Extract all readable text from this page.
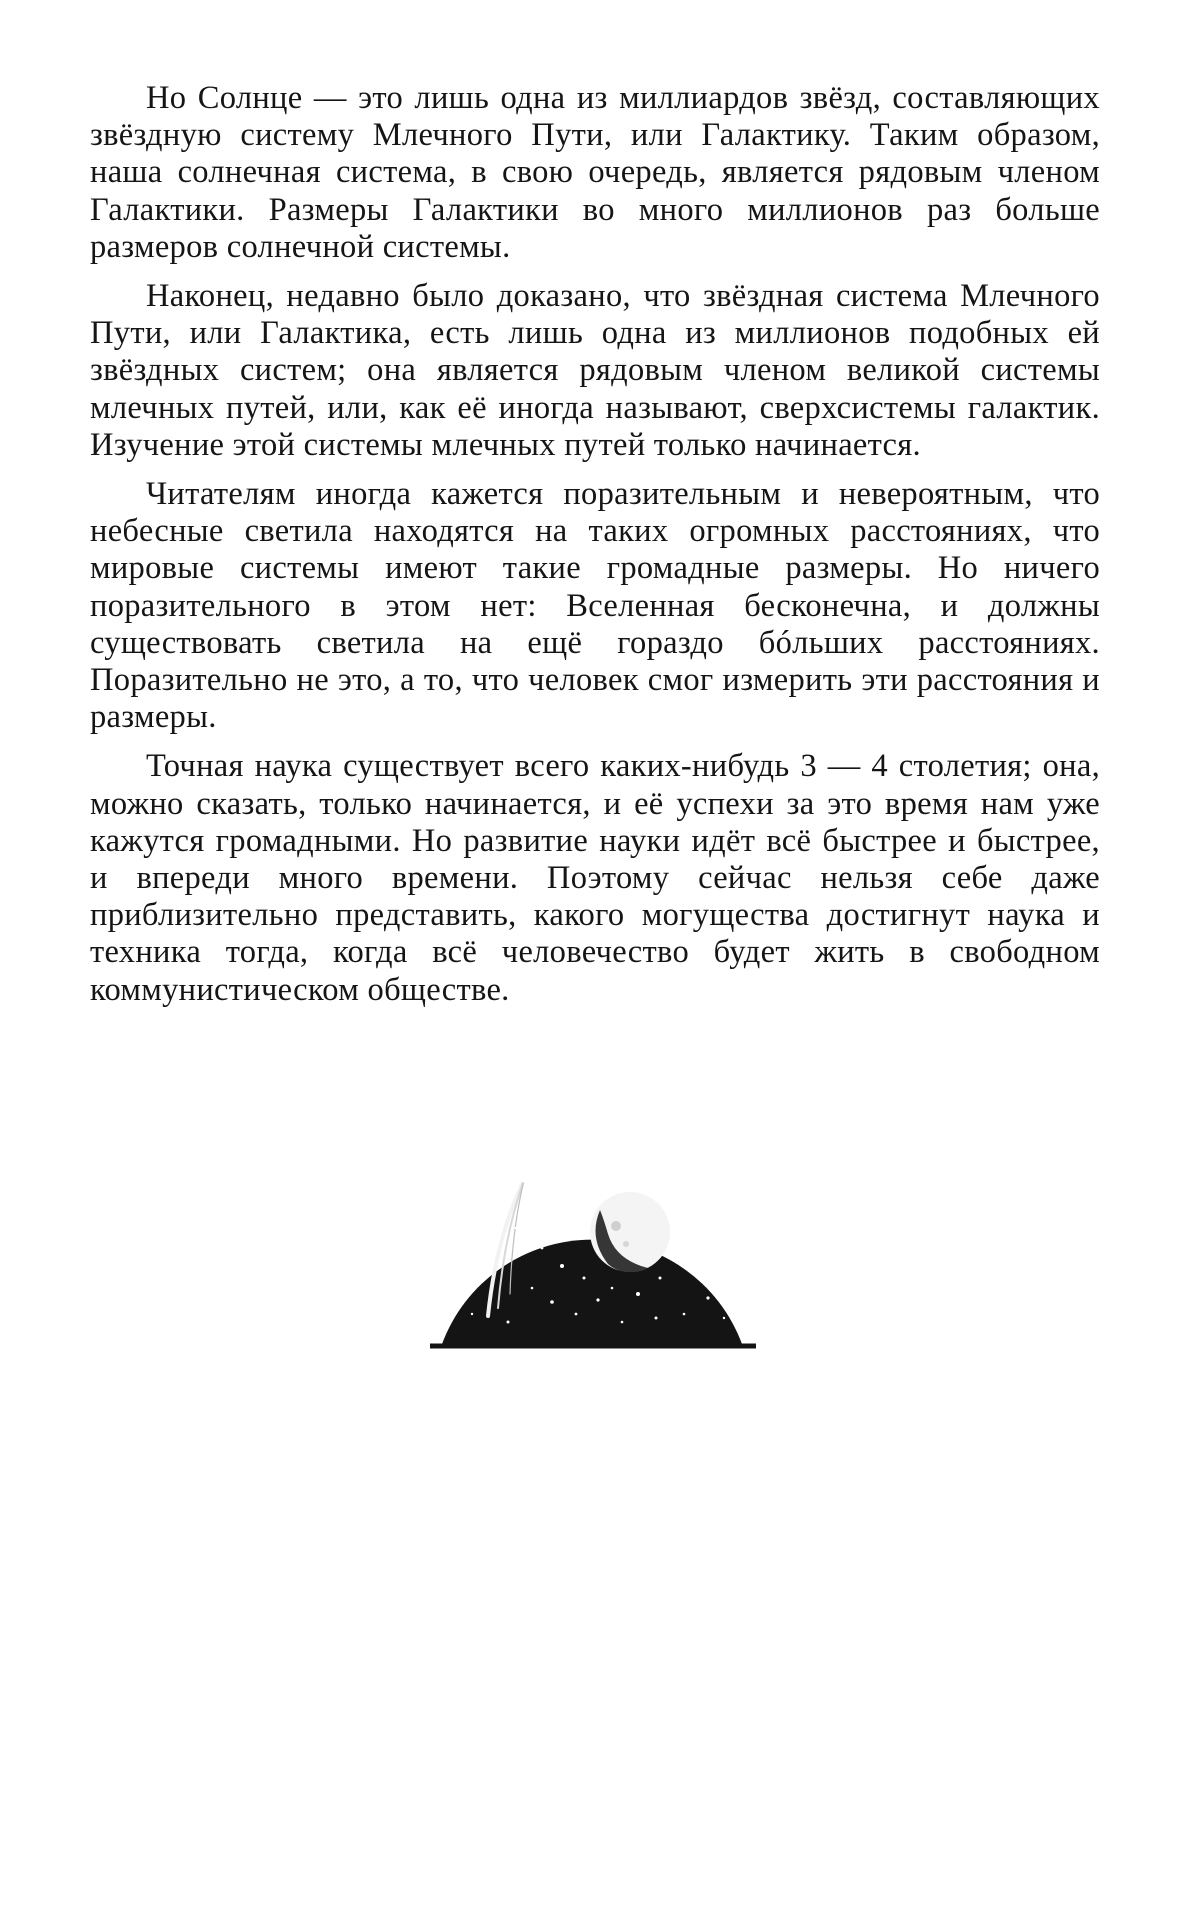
Но Солнце — это лишь одна из миллиардов звёзд, составляющих звёздную систему Млечного Пути, или Галактику. Таким образом, наша солнечная система, в свою очередь, является рядовым членом Галактики. Размеры Галактики во много миллионов раз больше размеров солнечной системы.

Наконец, недавно было доказано, что звёздная система Млечного Пути, или Галактика, есть лишь одна из миллионов подобных ей звёздных систем; она является рядовым членом великой системы млечных путей, или, как её иногда называют, сверхсистемы галактик. Изучение этой системы млечных путей только начинается.

Читателям иногда кажется поразительным и невероятным, что небесные светила находятся на таких огромных расстояниях, что мировые системы имеют такие громадные размеры. Но ничего поразительного в этом нет: Вселенная бесконечна, и должны существовать светила на ещё гораздо бóльших расстояниях. Поразительно не это, а то, что человек смог измерить эти расстояния и размеры.

Точная наука существует всего каких-нибудь 3 — 4 столетия; она, можно сказать, только начинается, и её успехи за это время нам уже кажутся громадными. Но развитие науки идёт всё быстрее и быстрее, и впереди много времени. Поэтому сейчас нельзя себе даже приблизительно представить, какого могущества достигнут наука и техника тогда, когда всё человечество будет жить в свободном коммунистическом обществе.
